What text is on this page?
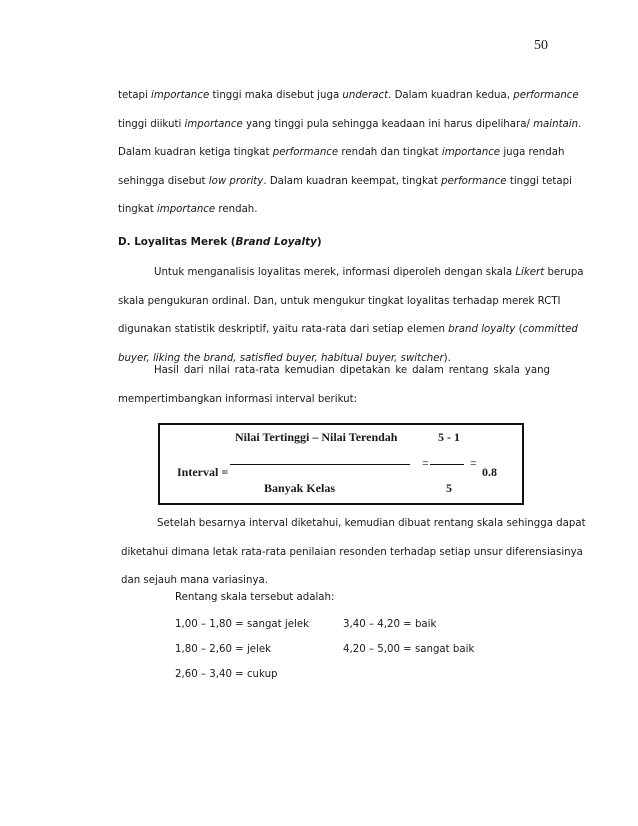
50
tetapi importance tinggi maka disebut juga underact. Dalam kuadran kedua, performance
tinggi diikuti importance yang tinggi pula sehingga keadaan ini harus dipelihara/ maintain.
Dalam kuadran ketiga tingkat performance rendah dan tingkat importance juga rendah
sehingga disebut low prority. Dalam kuadran keempat, tingkat performance tinggi tetapi
tingkat importance rendah.
D. Loyalitas Merek (Brand Loyalty)
Untuk menganalisis loyalitas merek, informasi diperoleh dengan skala Likert berupa
skala pengukuran ordinal. Dan, untuk mengukur tingkat loyalitas terhadap merek RCTI
digunakan statistik deskriptif, yaitu rata-rata dari setiap elemen brand loyalty (committed
buyer, liking the brand, satisfied buyer, habitual buyer, switcher).
Hasil dari nilai rata-rata kemudian dipetakan ke dalam rentang skala yang
mempertimbangkan informasi interval berikut:
Interval =
Nilai Tertinggi – Nilai Terendah
Banyak Kelas
=
5 - 1
5
=
0.8
Setelah besarnya interval diketahui, kemudian dibuat rentang skala sehingga dapat
diketahui dimana letak rata-rata penilaian resonden terhadap setiap unsur diferensiasinya
dan sejauh mana variasinya.
Rentang skala tersebut adalah:
1,00 – 1,80 = sangat jelek
1,80 – 2,60 = jelek
2,60 – 3,40 = cukup
3,40 – 4,20 = baik
4,20 – 5,00 = sangat baik
